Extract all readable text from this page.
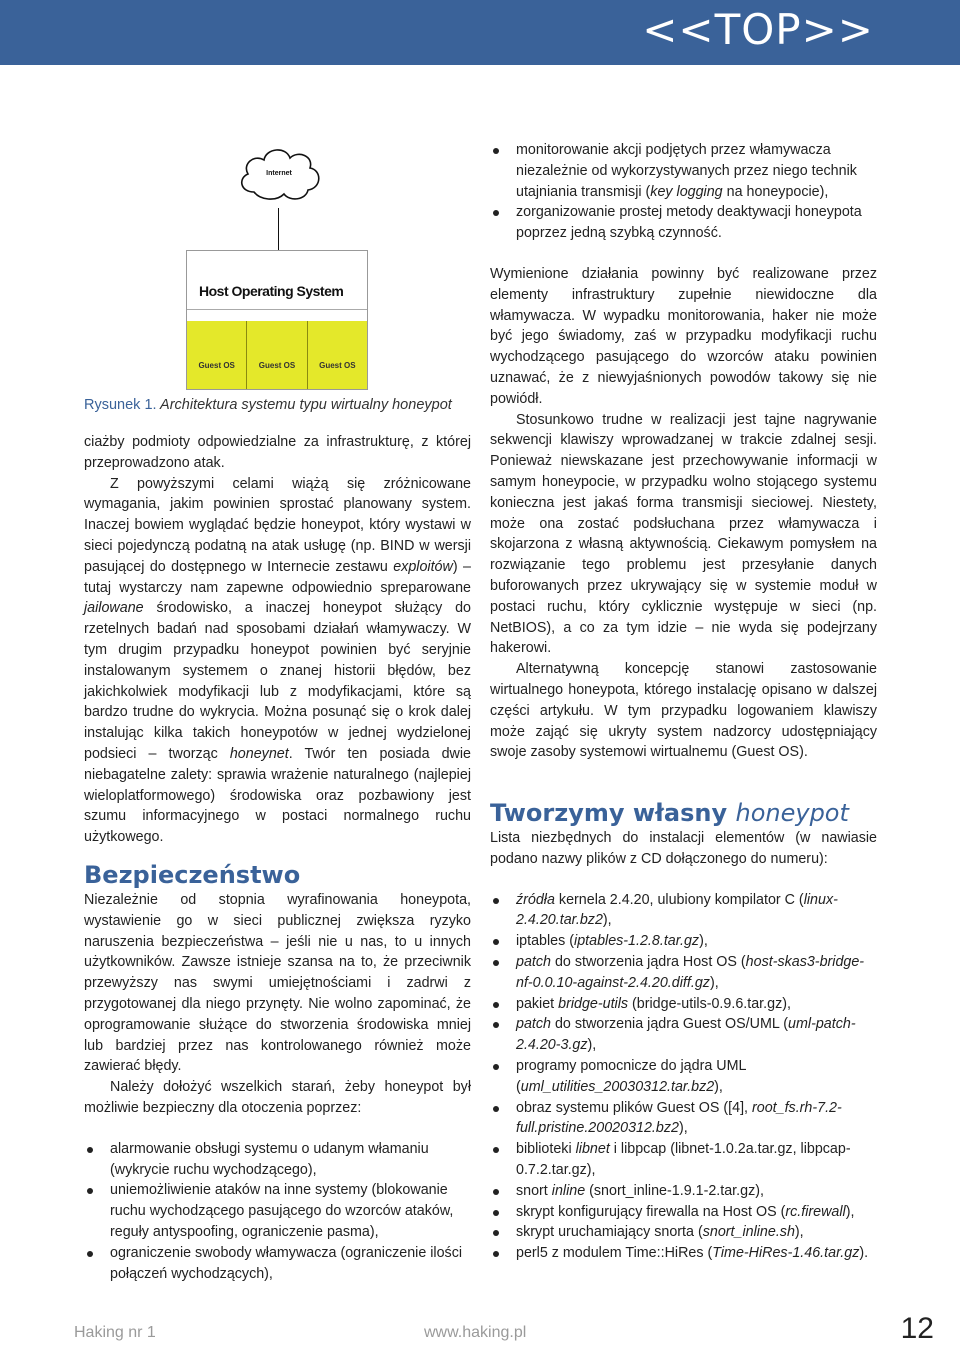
<<TOP>>
Internet
Host Operating System
Guest OS	Guest OS	Guest OS
Rysunek 1. Architektura systemu typu wirtualny honeypot

ciażby podmioty odpowiedzialne za infrastrukturę, z której przeprowadzono atak.

Z powyższymi celami wiążą się zróżnicowane wymagania, jakim powinien sprostać planowany system. Inaczej bowiem wyglądać będzie honeypot, który wystawi w sieci pojedynczą podatną na atak usługę (np. BIND w wersji pasującej do dostępnego w Internecie zestawu exploitów) – tutaj wystarczy nam zapewne odpowiednio spreparowane jailowane środowisko, a inaczej honeypot służący do rzetelnych badań nad sposobami działań włamywaczy. W tym drugim przypadku honeypot powinien być seryjnie instalowanym systemem o znanej historii błędów, bez jakichkolwiek modyfikacji lub z modyfikacjami, które są bardzo trudne do wykrycia. Można posunąć się o krok dalej instalując kilka takich honeypotów w jednej wydzielonej podsieci – tworząc honeynet. Twór ten posiada dwie niebagatelne zalety: sprawia wrażenie naturalnego (najlepiej wieloplatformowego) środowiska oraz pozbawiony jest szumu informacyjnego w postaci normalnego ruchu użytkowego.

Bezpieczeństwo

Niezależnie od stopnia wyrafinowania honeypota, wystawienie go w sieci publicznej zwiększa ryzyko naruszenia bezpieczeństwa – jeśli nie u nas, to u innych użytkowników. Zawsze istnieje szansa na to, że przeciwnik przewyższy nas swymi umiejętnościami i zadrwi z przygotowanej dla niego przynęty. Nie wolno zapominać, że oprogramowanie służące do stworzenia środowiska mniej lub bardziej przez nas kontrolowanego również może zawierać błędy.

Należy dołożyć wszelkich starań, żeby honeypot był możliwie bezpieczny dla otoczenia poprzez:

alarmowanie obsługi systemu o udanym włamaniu (wykrycie ruchu wychodzącego),
uniemożliwienie ataków na inne systemy (blokowanie ruchu wychodzącego pasującego do wzorców ataków, reguły antyspoofing, ograniczenie pasma),
ograniczenie swobody włamywacza (ograniczenie ilości połączeń wychodzących),
monitorowanie akcji podjętych przez włamywacza niezależnie od wykorzystywanych przez niego technik utajniania transmisji (key logging na honeypocie),
zorganizowanie prostej metody deaktywacji honeypota poprzez jedną szybką czynność.

Wymienione działania powinny być realizowane przez elementy infrastruktury zupełnie niewidoczne dla włamywacza. W wypadku monitorowania, haker nie może być jego świadomy, zaś w przypadku modyfikacji ruchu wychodzącego pasującego do wzorców ataku powinien uznawać, że z niewyjaśnionych powodów takowy się nie powiódł.

Stosunkowo trudne w realizacji jest tajne nagrywanie sekwencji klawiszy wprowadzanej w trakcie zdalnej sesji. Ponieważ niewskazane jest przechowywanie informacji w samym honeypocie, w przypadku wolno stojącego systemu konieczna jest jakaś forma transmisji sieciowej. Niestety, może ona zostać podsłuchana przez włamywacza i skojarzona z własną aktywnością. Ciekawym pomysłem na rozwiązanie tego problemu jest przesyłanie danych buforowanych przez ukrywający się w systemie moduł w postaci ruchu, który cyklicznie występuje w sieci (np. NetBIOS), a co za tym idzie – nie wyda się podejrzany hakerowi.

Alternatywną koncepcję stanowi zastosowanie wirtualnego honeypota, którego instalację opisano w dalszej części artykułu. W tym przypadku logowaniem klawiszy może zająć się ukryty system nadzorcy udostępniający swoje zasoby systemowi wirtualnemu (Guest OS).

Tworzymy własny honeypot

Lista niezbędnych do instalacji elementów (w nawiasie podano nazwy plików z CD dołączonego do numeru):

źródła kernela 2.4.20, ulubiony kompilator C (linux-2.4.20.tar.bz2),
iptables (iptables-1.2.8.tar.gz),
patch do stworzenia jądra Host OS (host-skas3-bridge-nf-0.0.10-against-2.4.20.diff.gz),
pakiet bridge-utils (bridge-utils-0.9.6.tar.gz),
patch do stworzenia jądra Guest OS/UML (uml-patch-2.4.20-3.gz),
programy pomocnicze do jądra UML (uml_utilities_20030312.tar.bz2),
obraz systemu plików Guest OS ([4], root_fs.rh-7.2-full.pristine.20020312.bz2),
biblioteki libnet i libpcap (libnet-1.0.2a.tar.gz, libpcap-0.7.2.tar.gz),
snort inline (snort_inline-1.9.1-2.tar.gz),
skrypt konfigurujący firewalla na Host OS (rc.firewall),
skrypt uruchamiający snorta (snort_inline.sh),
perl5 z modulem Time::HiRes (Time-HiRes-1.46.tar.gz).
Haking nr 1	www.haking.pl	12
